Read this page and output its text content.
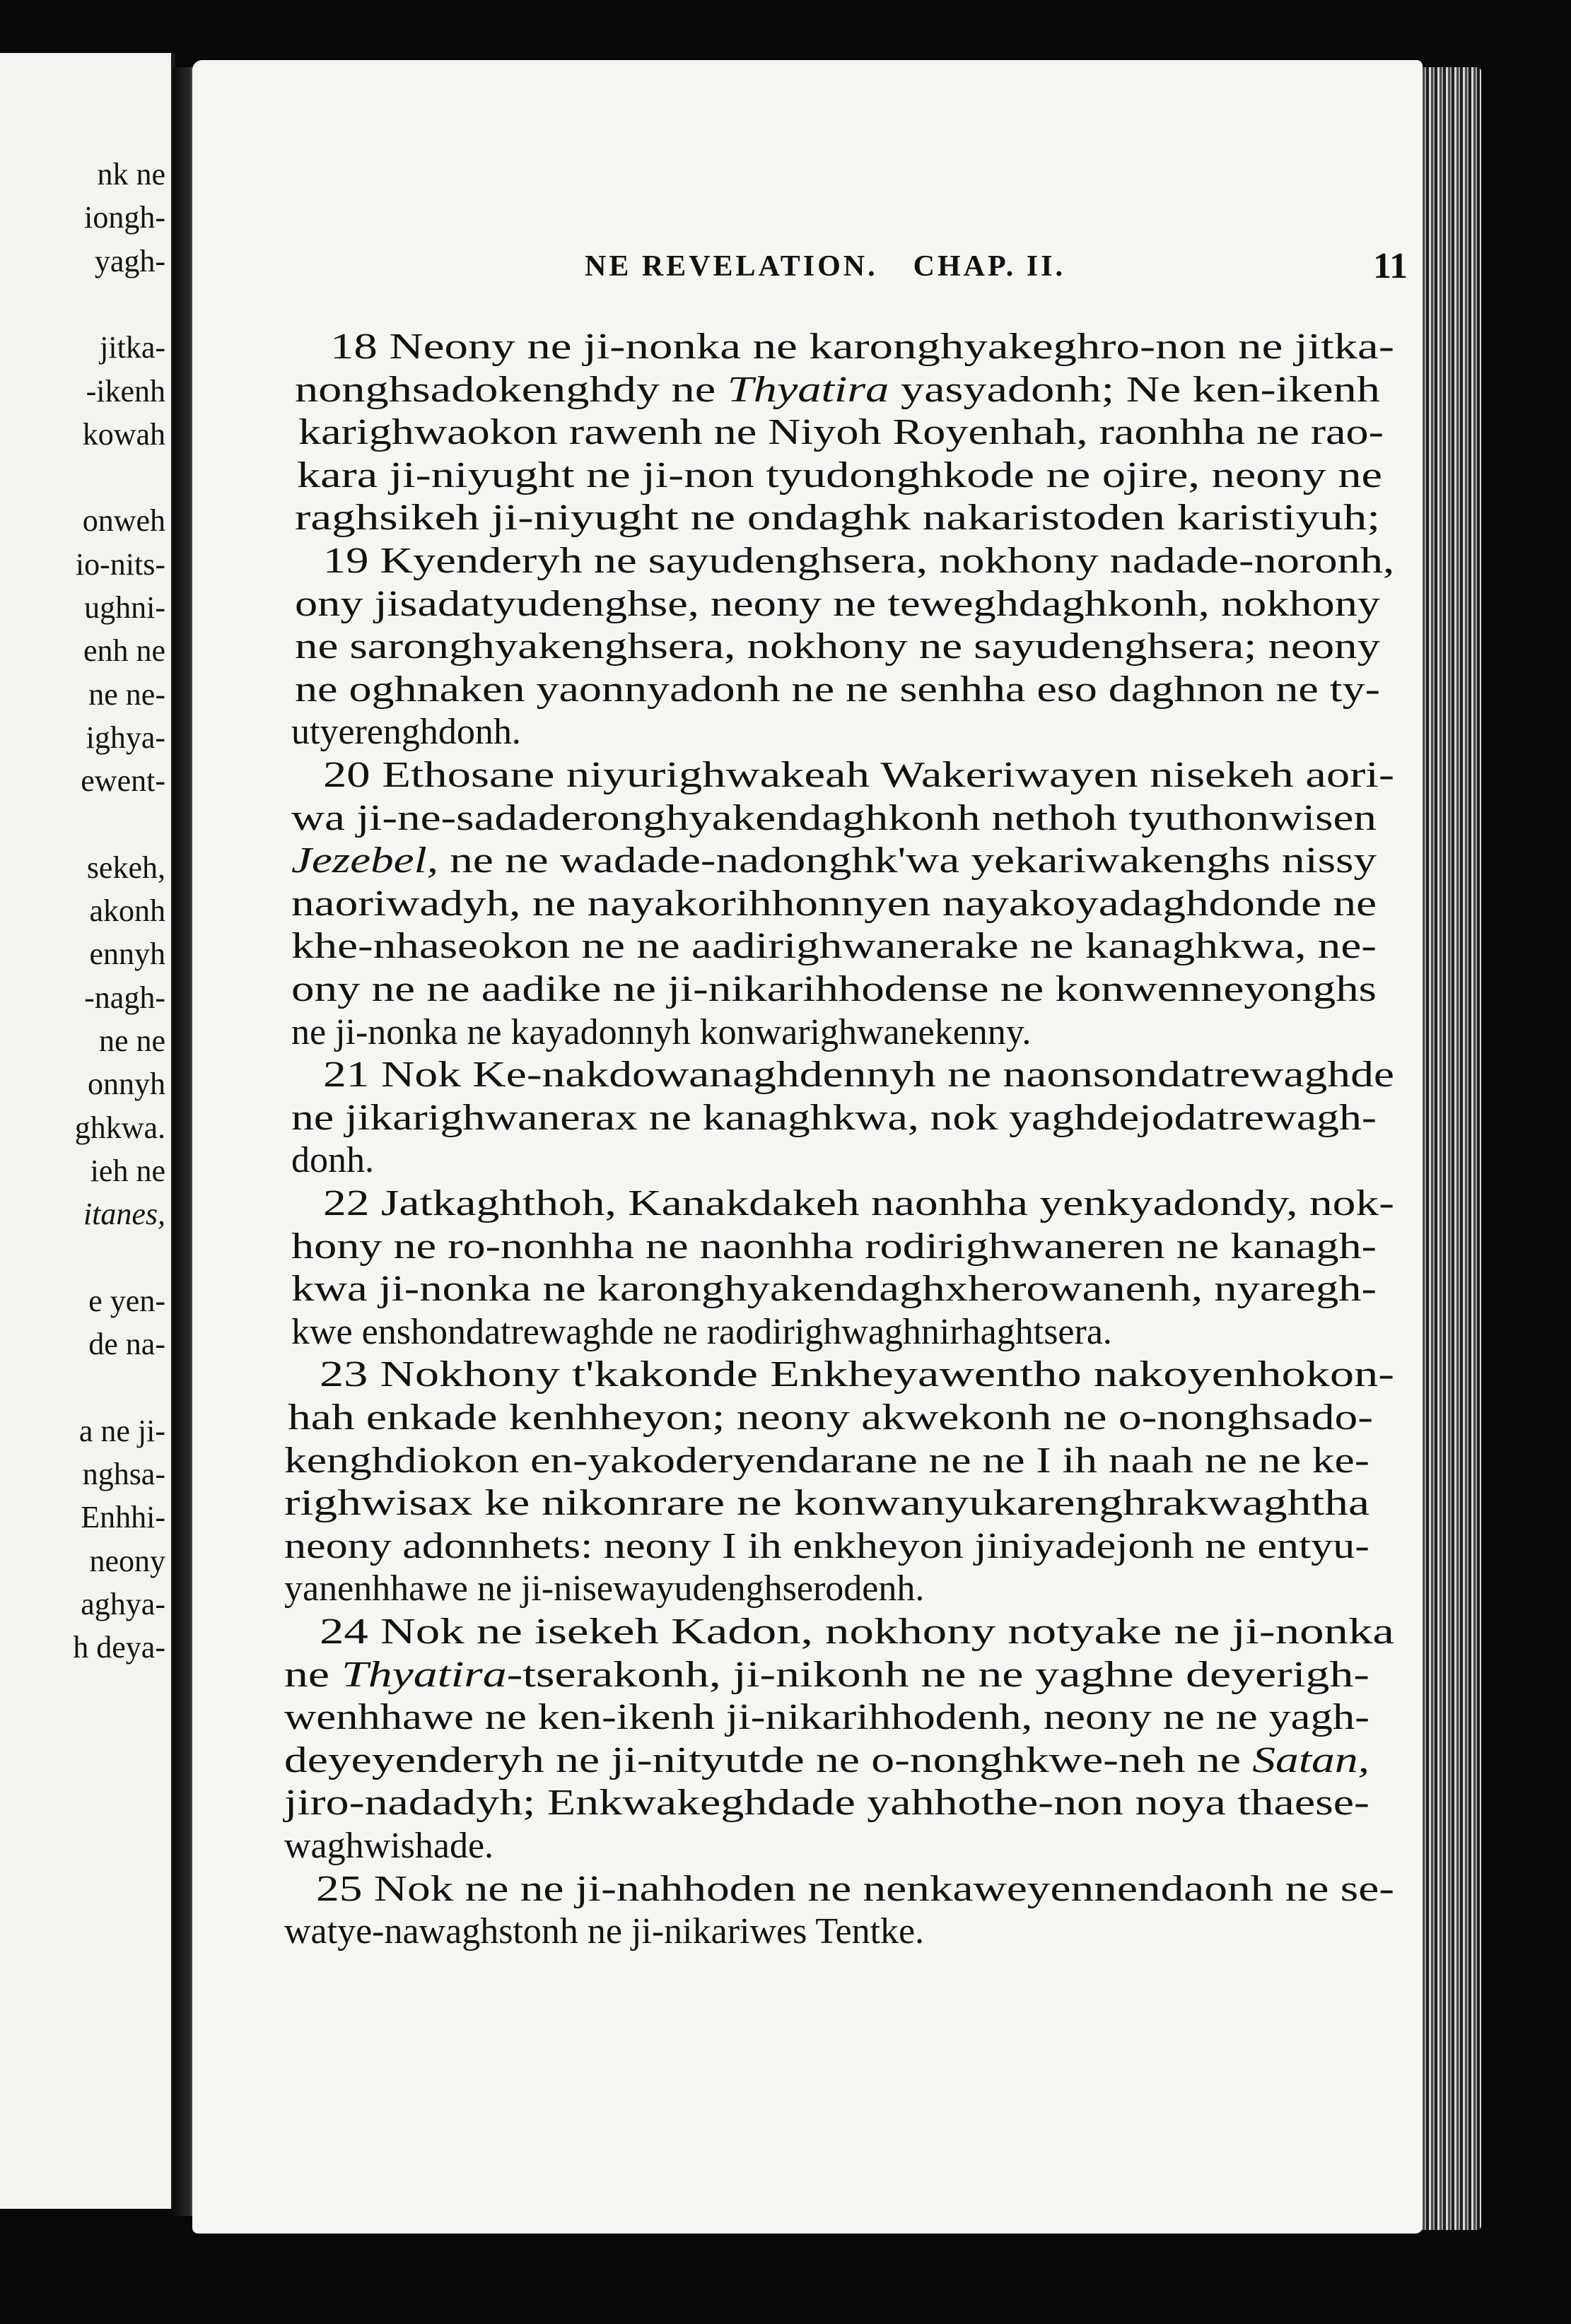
nk ne
iongh-
yagh-
jitka-
-ikenh
kowah
onweh
io-nits-
ughni-
enh ne
ne ne-
ighya-
ewent-
sekeh,
akonh
ennyh
-nagh-
ne ne
onnyh
ghkwa.
ieh ne
itanes,
e yen-
de na-
a ne ji-
nghsa-
Enhhi-
neony
aghya-
h deya-
NE REVELATION. CHAP. II.	11
18 Neony ne ji-nonka ne karonghyakeghro-non ne jitka-
nonghsadokenghdy ne Thyatira yasyadonh; Ne ken-ikenh
karighwaokon rawenh ne Niyoh Royenhah, raonhha ne rao-
kara ji-niyught ne ji-non tyudonghkode ne ojire, neony ne
raghsikeh ji-niyught ne ondaghk nakaristoden karistiyuh;
19 Kyenderyh ne sayudenghsera, nokhony nadade-noronh,
ony jisadatyudenghse, neony ne teweghdaghkonh, nokhony
ne saronghyakenghsera, nokhony ne sayudenghsera; neony
ne oghnaken yaonnyadonh ne ne senhha eso daghnon ne ty-
utyerenghdonh.
20 Ethosane niyurighwakeah Wakeriwayen nisekeh aori-
wa ji-ne-sadaderonghyakendaghkonh nethoh tyuthonwisen
Jezebel, ne ne wadade-nadonghk'wa yekariwakenghs nissy
naoriwadyh, ne nayakorihhonnyen nayakoyadaghdonde ne
khe-nhaseokon ne ne aadirighwanerake ne kanaghkwa, ne-
ony ne ne aadike ne ji-nikarihhodense ne konwenneyonghs
ne ji-nonka ne kayadonnyh konwarighwanekenny.
21 Nok Ke-nakdowanaghdennyh ne naonsondatrewaghde
ne jikarighwanerax ne kanaghkwa, nok yaghdejodatrewagh-
donh.
22 Jatkaghthoh, Kanakdakeh naonhha yenkyadondy, nok-
hony ne ro-nonhha ne naonhha rodirighwaneren ne kanagh-
kwa ji-nonka ne karonghyakendaghxherowanenh, nyaregh-
kwe enshondatrewaghde ne raodirighwaghnirhaghtsera.
23 Nokhony t'kakonde Enkheyawentho nakoyenhokon-
hah enkade kenhheyon; neony akwekonh ne o-nonghsado-
kenghdiokon en-yakoderyendarane ne ne I ih naah ne ne ke-
righwisax ke nikonrare ne konwanyukarenghrakwaghtha
neony adonnhets: neony I ih enkheyon jiniyadejonh ne entyu-
yanenhhawe ne ji-nisewayudenghserodenh.
24 Nok ne isekeh Kadon, nokhony notyake ne ji-nonka
ne Thyatira-tserakonh, ji-nikonh ne ne yaghne deyerigh-
wenhhawe ne ken-ikenh ji-nikarihhodenh, neony ne ne yagh-
deyeyenderyh ne ji-nityutde ne o-nonghkwe-neh ne Satan,
jiro-nadadyh; Enkwakeghdade yahhothe-non noya thaese-
waghwishade.
25 Nok ne ne ji-nahhoden ne nenkaweyennendaonh ne se-
watye-nawaghstonh ne ji-nikariwes Tentke.
